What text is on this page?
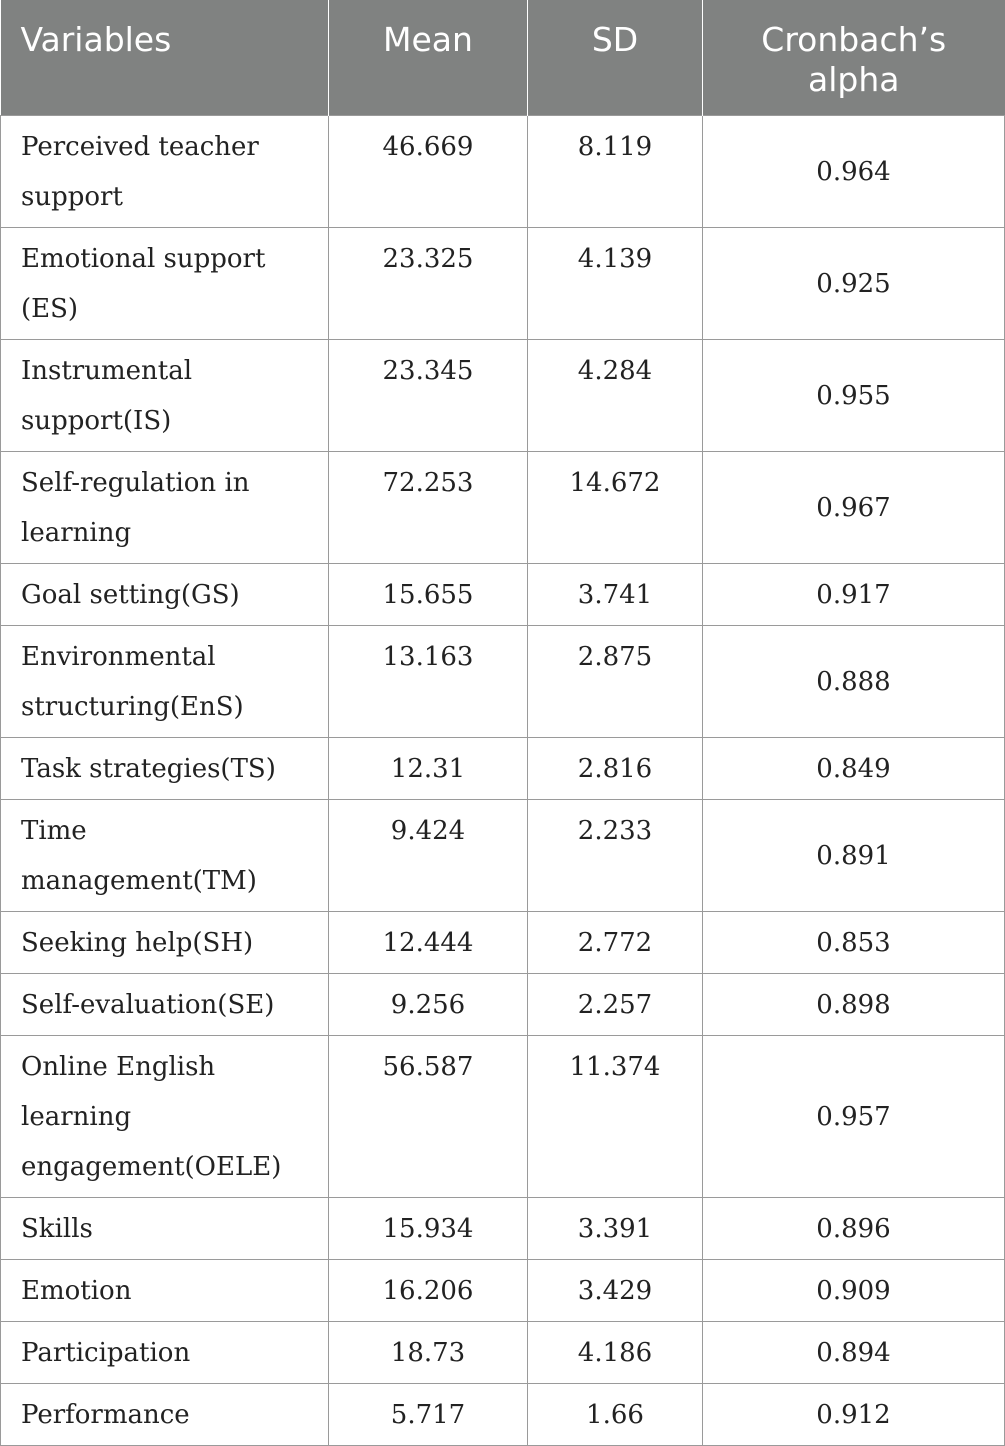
Variables	Mean	SD	Cronbach’s alpha

Perceived teacher support	46.669	8.119	0.964
Emotional support (ES)	23.325	4.139	0.925
Instrumental support(IS)	23.345	4.284	0.955
Self-regulation in learning	72.253	14.672	0.967
Goal setting(GS)	15.655	3.741	0.917
Environmental structuring(EnS)	13.163	2.875	0.888
Task strategies(TS)	12.31	2.816	0.849
Time management(TM)	9.424	2.233	0.891
Seeking help(SH)	12.444	2.772	0.853
Self-evaluation(SE)	9.256	2.257	0.898
Online English learning engagement(OELE)	56.587	11.374	0.957
Skills	15.934	3.391	0.896
Emotion	16.206	3.429	0.909
Participation	18.73	4.186	0.894
Performance	5.717	1.66	0.912
